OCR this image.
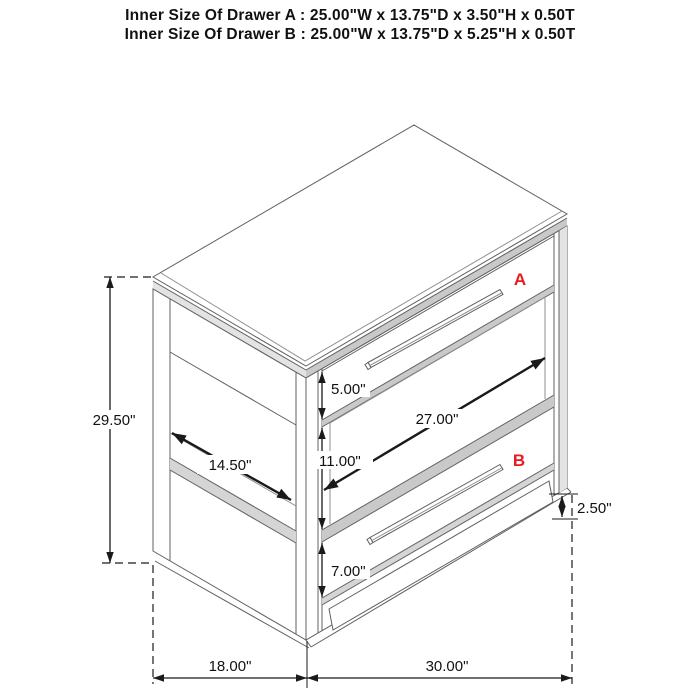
Inner Size Of Drawer A : 25.00"W x 13.75"D x 3.50"H x 0.50T
Inner Size Of Drawer B : 25.00"W x 13.75"D x 5.25"H x 0.50T
29.50"
14.50"
5.00"
11.00"
27.00"
7.00"
2.50"
18.00"	30.00"
A
B
